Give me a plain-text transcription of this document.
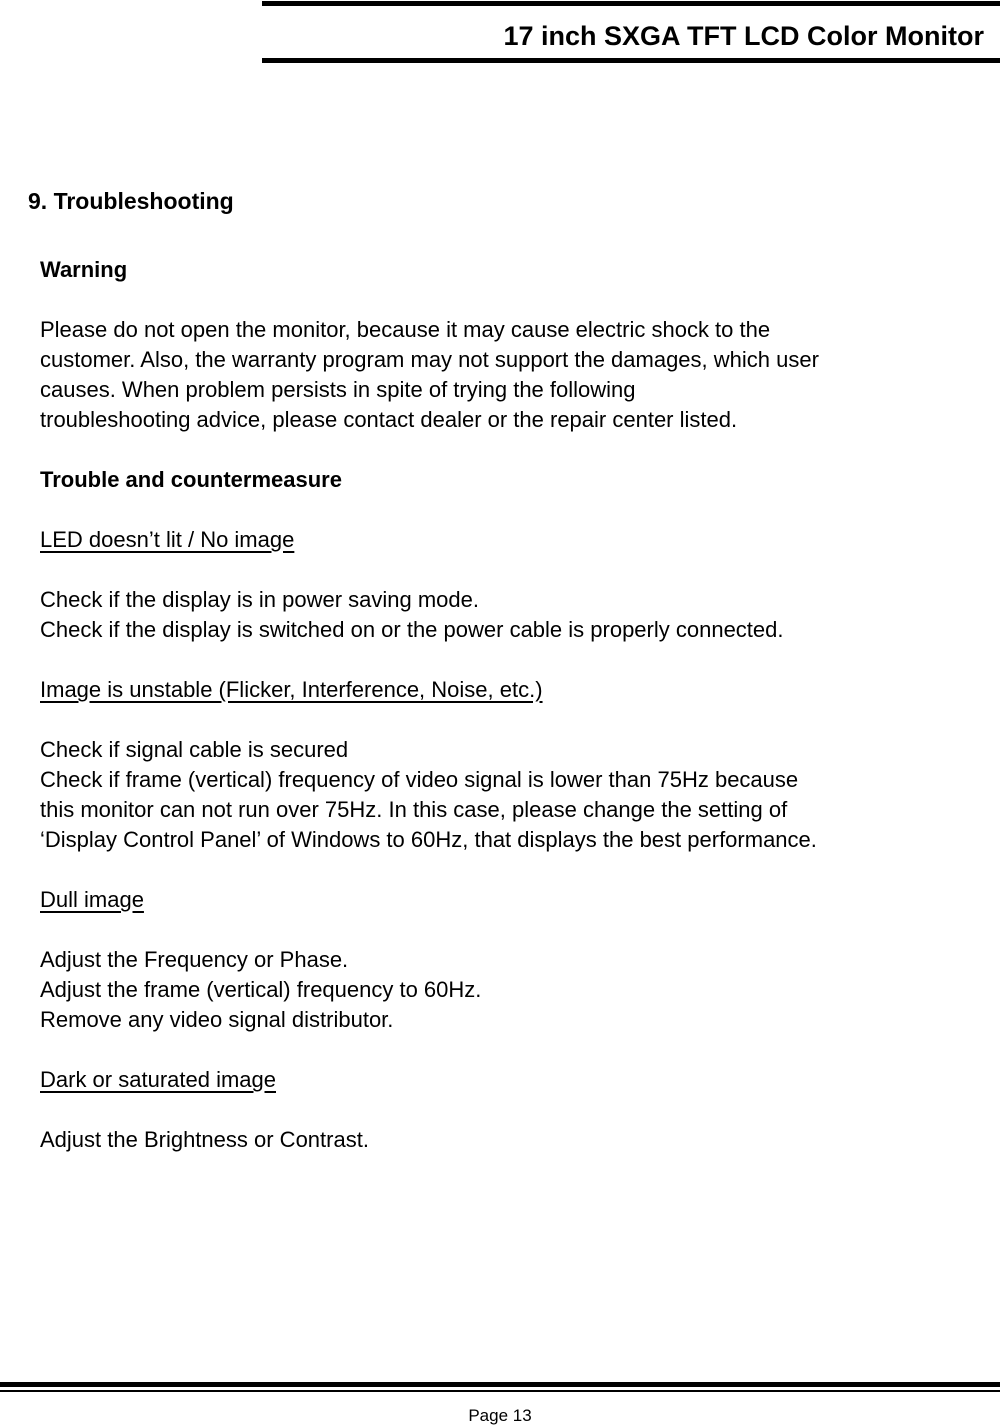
17 inch SXGA TFT LCD Color Monitor
9. Troubleshooting

Warning

Please do not open the monitor, because it may cause electric shock to the

customer. Also, the warranty program may not support the damages, which user

causes. When problem persists in spite of trying the following

troubleshooting advice, please contact dealer or the repair center listed.

Trouble and countermeasure

LED doesn’t lit / No image

Check if the display is in power saving mode.

Check if the display is switched on or the power cable is properly connected.

Image is unstable (Flicker, Interference, Noise, etc.)

Check if signal cable is secured

Check if frame (vertical) frequency of video signal is lower than 75Hz because

this monitor can not run over 75Hz. In this case, please change the setting of

‘Display Control Panel’ of Windows to 60Hz, that displays the best performance.

Dull image

Adjust the Frequency or Phase.

Adjust the frame (vertical) frequency to 60Hz.

Remove any video signal distributor.

Dark or saturated image

Adjust the Brightness or Contrast.

Page 13
